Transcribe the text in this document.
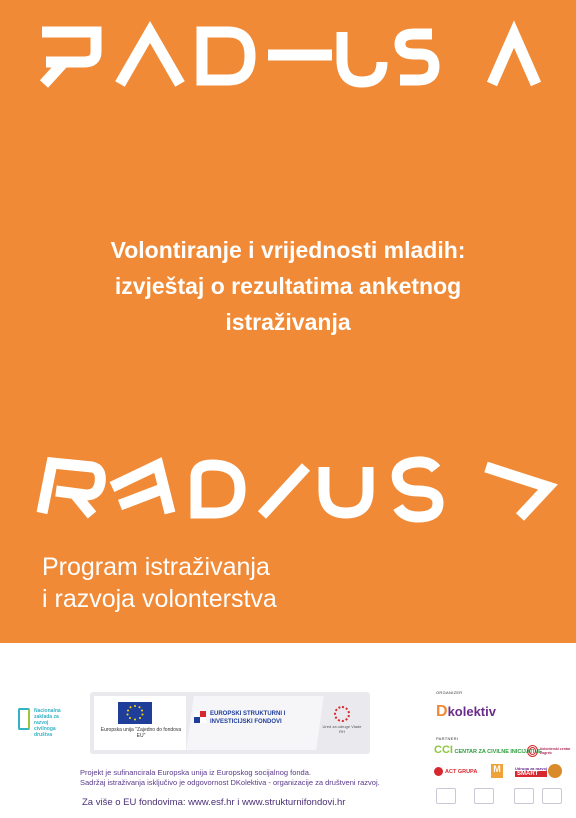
Volontiranje i vrijednosti mladih:
izvještaj o rezultatima anketnog
istraživanja
Program istraživanja
i razvoja volonterstva
Nacionalna zaklada za razvoj civilnoga društva
Europska unija "Zajedno do fondova EU"
EUROPSKI STRUKTURNI I INVESTICIJSKI FONDOVI
Ured za udruge Vlade RH
Projekt je sufinancirala Europska unija iz Europskog socijalnog fonda.
Sadržaj istraživanja isključivo je odgovornost DKolektiva - organizacije za društveni razvoj.
Za više o EU fondovima: www.esf.hr i www.strukturnifondovi.hr
ORGANIZER
Dkolektiv
PARTNERI
CCI CENTAR ZA CIVILNE INICIJATIVE
Volonterski centar Zagreb
ACT GRUPA M	Udruga za razvoj
SMART
